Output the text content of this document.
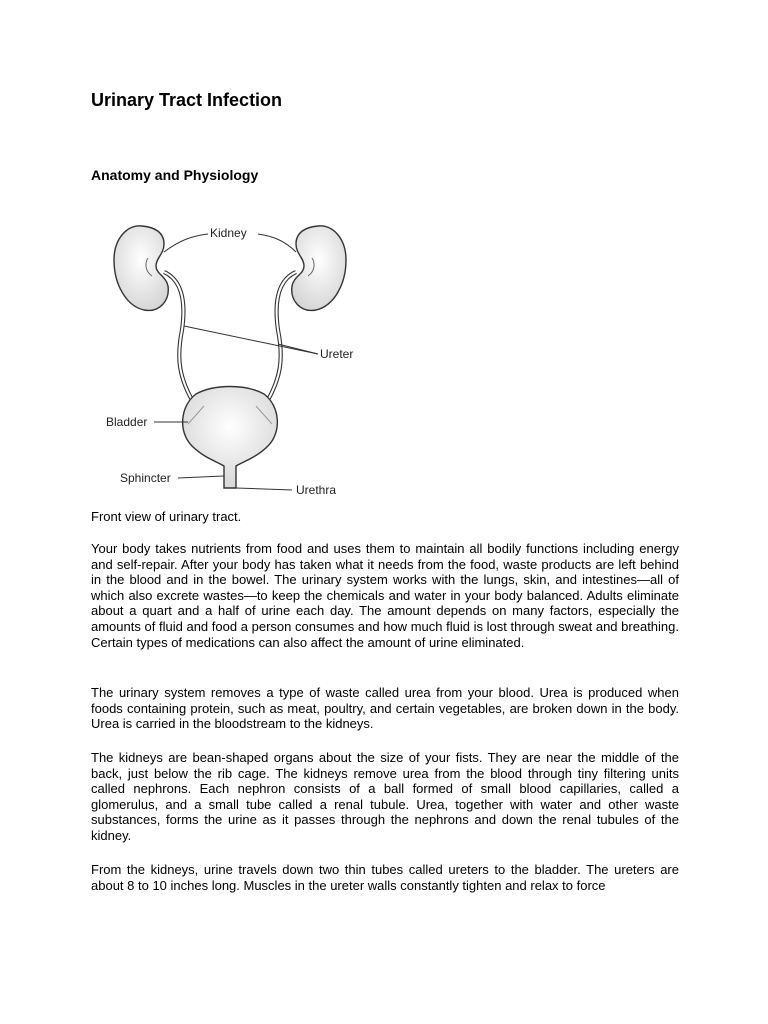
Urinary Tract Infection
Anatomy and Physiology
Kidney
Ureter
Bladder
Sphincter
Urethra

Front view of urinary tract.

Your body takes nutrients from food and uses them to maintain all bodily functions including energy and self-repair. After your body has taken what it needs from the food, waste products are left behind in the blood and in the bowel. The urinary system works with the lungs, skin, and intestines—all of which also excrete wastes—to keep the chemicals and water in your body balanced. Adults eliminate about a quart and a half of urine each day. The amount depends on many factors, especially the amounts of fluid and food a person consumes and how much fluid is lost through sweat and breathing. Certain types of medications can also affect the amount of urine eliminated.

The urinary system removes a type of waste called urea from your blood. Urea is produced when foods containing protein, such as meat, poultry, and certain vegetables, are broken down in the body. Urea is carried in the bloodstream to the kidneys.

The kidneys are bean-shaped organs about the size of your fists. They are near the middle of the back, just below the rib cage. The kidneys remove urea from the blood through tiny filtering units called nephrons. Each nephron consists of a ball formed of small blood capillaries, called a glomerulus, and a small tube called a renal tubule. Urea, together with water and other waste substances, forms the urine as it passes through the nephrons and down the renal tubules of the kidney.

From the kidneys, urine travels down two thin tubes called ureters to the bladder. The ureters are about 8 to 10 inches long. Muscles in the ureter walls constantly tighten and relax to force
